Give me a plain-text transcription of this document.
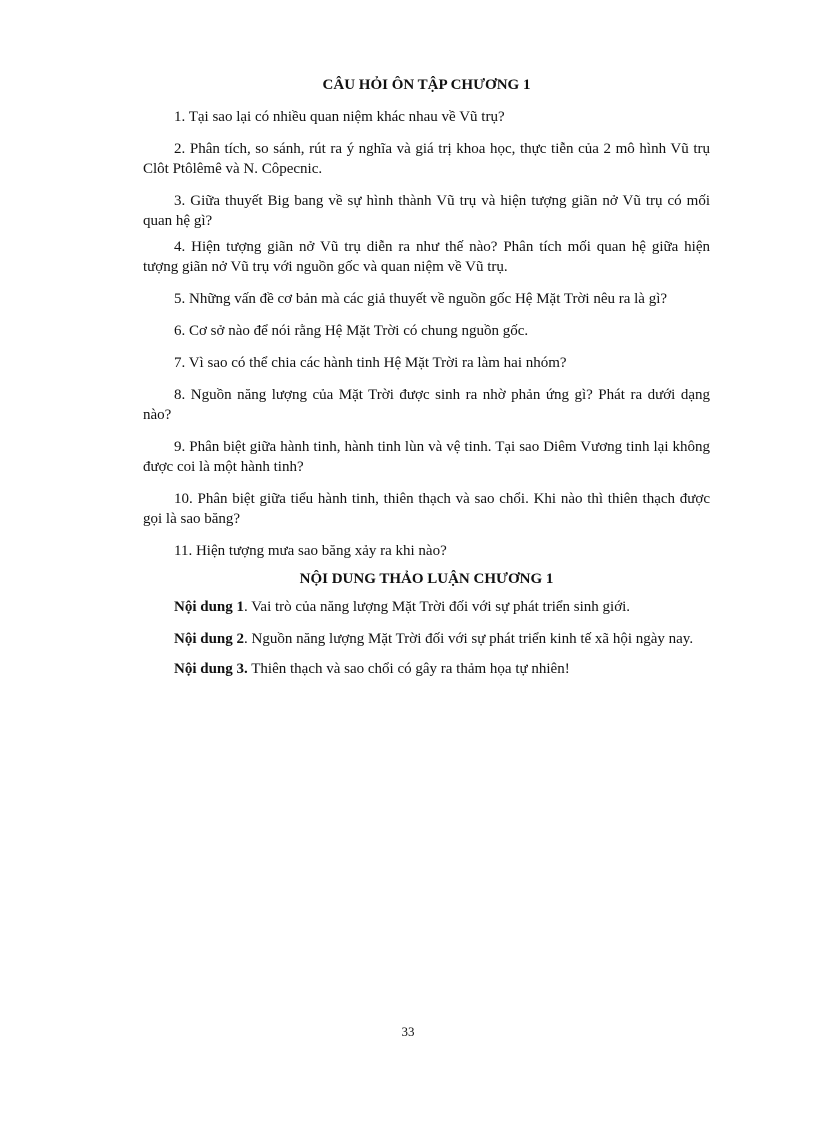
CÂU HỎI ÔN TẬP CHƯƠNG 1

1. Tại sao lại có nhiều quan niệm khác nhau về Vũ trụ?

2. Phân tích, so sánh, rút ra ý nghĩa và giá trị khoa học, thực tiễn của 2 mô hình Vũ trụ Clôt Ptôlêmê và N. Côpecnic.

3. Giữa thuyết Big bang về sự hình thành Vũ trụ và hiện tượng giãn nở Vũ trụ có mối quan hệ gì?

4. Hiện tượng giãn nở Vũ trụ diễn ra như thế nào? Phân tích mối quan hệ giữa hiện tượng giãn nở Vũ trụ với nguồn gốc và quan niệm về Vũ trụ.

5. Những vấn đề cơ bản mà các giả thuyết về nguồn gốc Hệ Mặt Trời nêu ra là gì?

6. Cơ sở nào để nói rằng Hệ Mặt Trời có chung nguồn gốc.

7. Vì sao có thể chia các hành tinh Hệ Mặt Trời ra làm hai nhóm?

8. Nguồn năng lượng của Mặt Trời được sinh ra nhờ phản ứng gì? Phát ra dưới dạng nào?

9. Phân biệt giữa hành tinh, hành tinh lùn và vệ tinh. Tại sao Diêm Vương tinh lại không được coi là một hành tinh?

10. Phân biệt giữa tiểu hành tinh, thiên thạch và sao chổi. Khi nào thì thiên thạch được gọi là sao băng?

11. Hiện tượng mưa sao băng xảy ra khi nào?

NỘI DUNG THẢO LUẬN CHƯƠNG 1

Nội dung 1. Vai trò của năng lượng Mặt Trời đối với sự phát triển sinh giới.

Nội dung 2. Nguồn năng lượng Mặt Trời đối với sự phát triển kinh tế xã hội ngày nay.

Nội dung 3. Thiên thạch và sao chổi có gây ra thảm họa tự nhiên!

33
